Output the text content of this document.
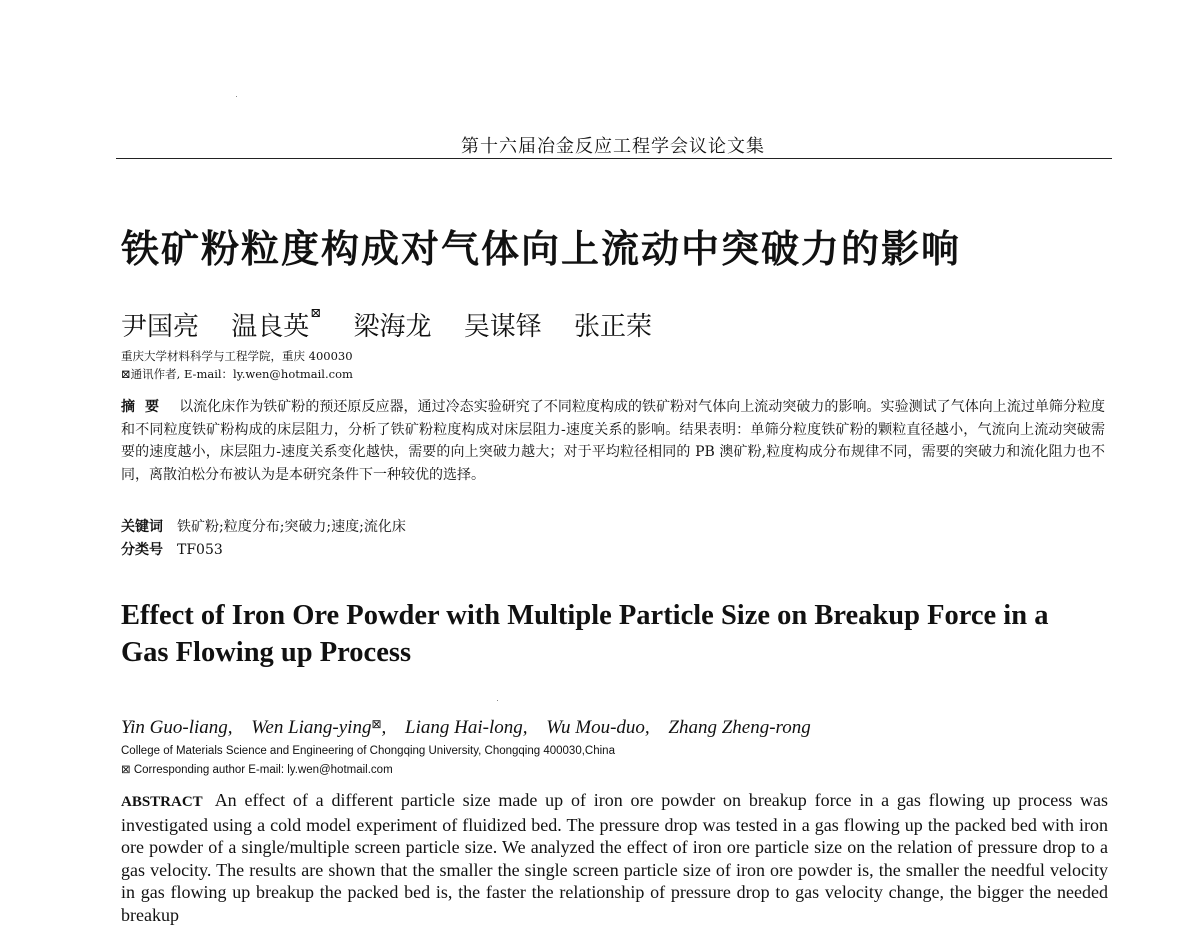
第十六届冶金反应工程学会议论文集
铁矿粉粒度构成对气体向上流动中突破力的影响
尹国亮 温良英⊠ 梁海龙 吴谋铎 张正荣
重庆大学材料科学与工程学院，重庆 400030
⊠通讯作者, E-mail：ly.wen@hotmail.com
摘要 以流化床作为铁矿粉的预还原反应器，通过冷态实验研究了不同粒度构成的铁矿粉对气体向上流动突破力的影响。实验测试了气体向上流过单筛分粒度和不同粒度铁矿粉构成的床层阻力，分析了铁矿粉粒度构成对床层阻力-速度关系的影响。结果表明：单筛分粒度铁矿粉的颗粒直径越小，气流向上流动突破需要的速度越小，床层阻力-速度关系变化越快，需要的向上突破力越大；对于平均粒径相同的 PB 澳矿粉,粒度构成分布规律不同，需要的突破力和流化阻力也不同，离散泊松分布被认为是本研究条件下一种较优的选择。
关键词 铁矿粉;粒度分布;突破力;速度;流化床
分类号 TF053
Effect of Iron Ore Powder with Multiple Particle Size on Breakup Force in a Gas Flowing up Process
Yin Guo-liang, Wen Liang-ying⊠, Liang Hai-long, Wu Mou-duo, Zhang Zheng-rong
College of Materials Science and Engineering of Chongqing University, Chongqing 400030,China
⊠ Corresponding author E-mail: ly.wen@hotmail.com
ABSTRACT An effect of a different particle size made up of iron ore powder on breakup force in a gas flowing up process was investigated using a cold model experiment of fluidized bed. The pressure drop was tested in a gas flowing up the packed bed with iron ore powder of a single/multiple screen particle size. We analyzed the effect of iron ore particle size on the relation of pressure drop to a gas velocity. The results are shown that the smaller the single screen particle size of iron ore powder is, the smaller the needful velocity in gas flowing up breakup the packed bed is, the faster the relationship of pressure drop to gas velocity change, the bigger the needed breakup
